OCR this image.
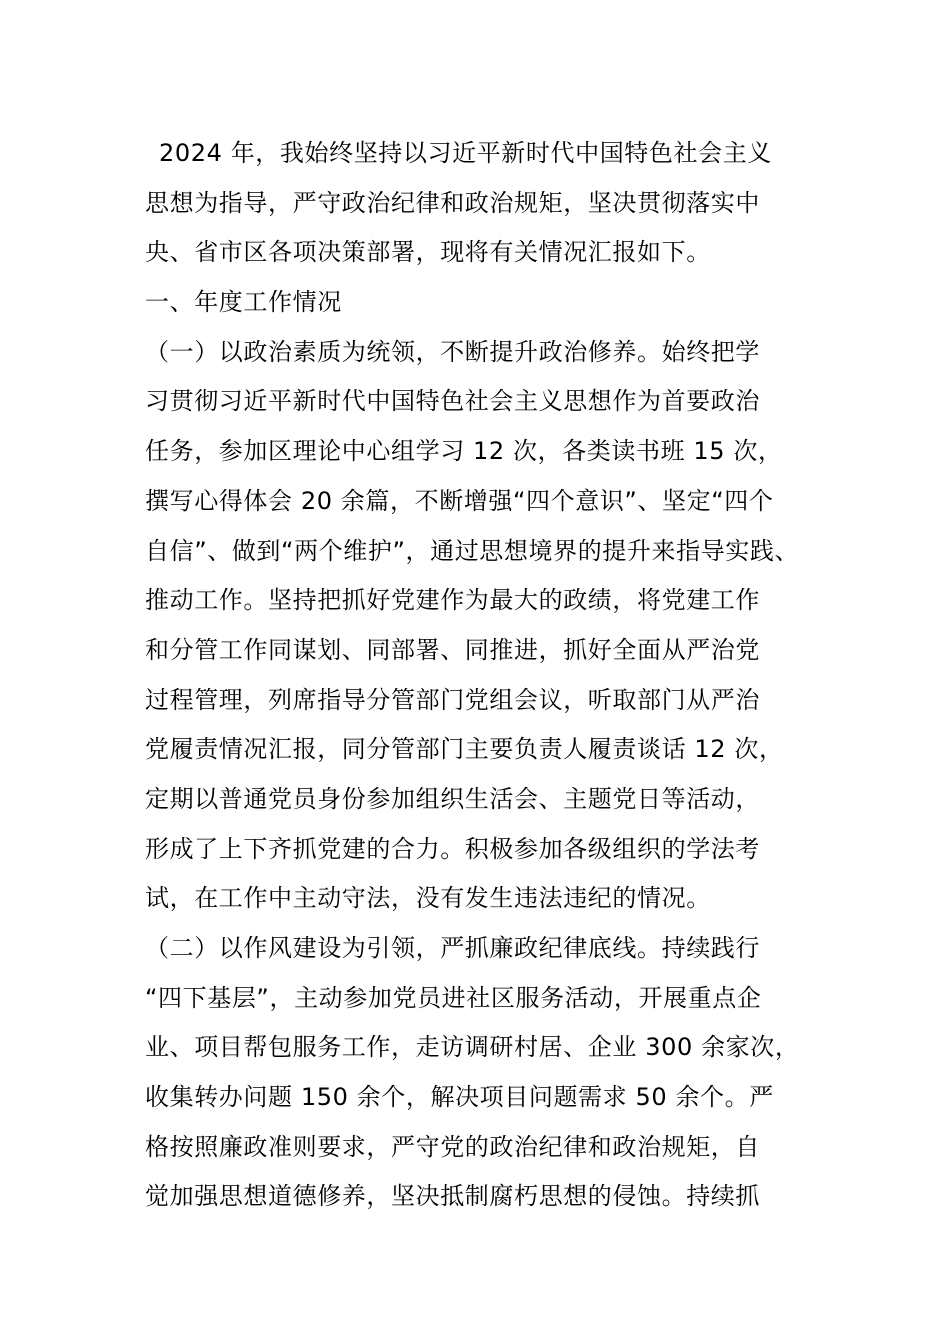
2024 年，我始终坚持以习近平新时代中国特色社会主义
思想为指导，严守政治纪律和政治规矩，坚决贯彻落实中
央、省市区各项决策部署，现将有关情况汇报如下。
一、年度工作情况
（一）以政治素质为统领，不断提升政治修养。始终把学
习贯彻习近平新时代中国特色社会主义思想作为首要政治
任务，参加区理论中心组学习 12 次，各类读书班 15 次，
撰写心得体会 20 余篇，不断增强“四个意识”、坚定“四个
自信”、做到“两个维护”，通过思想境界的提升来指导实践、
推动工作。坚持把抓好党建作为最大的政绩，将党建工作
和分管工作同谋划、同部署、同推进，抓好全面从严治党
过程管理，列席指导分管部门党组会议，听取部门从严治
党履责情况汇报，同分管部门主要负责人履责谈话 12 次，
定期以普通党员身份参加组织生活会、主题党日等活动，
形成了上下齐抓党建的合力。积极参加各级组织的学法考
试，在工作中主动守法，没有发生违法违纪的情况。
（二）以作风建设为引领，严抓廉政纪律底线。持续践行
“四下基层”，主动参加党员进社区服务活动，开展重点企
业、项目帮包服务工作，走访调研村居、企业 300 余家次，
收集转办问题 150 余个，解决项目问题需求 50 余个。严
格按照廉政准则要求，严守党的政治纪律和政治规矩，自
觉加强思想道德修养，坚决抵制腐朽思想的侵蚀。持续抓
